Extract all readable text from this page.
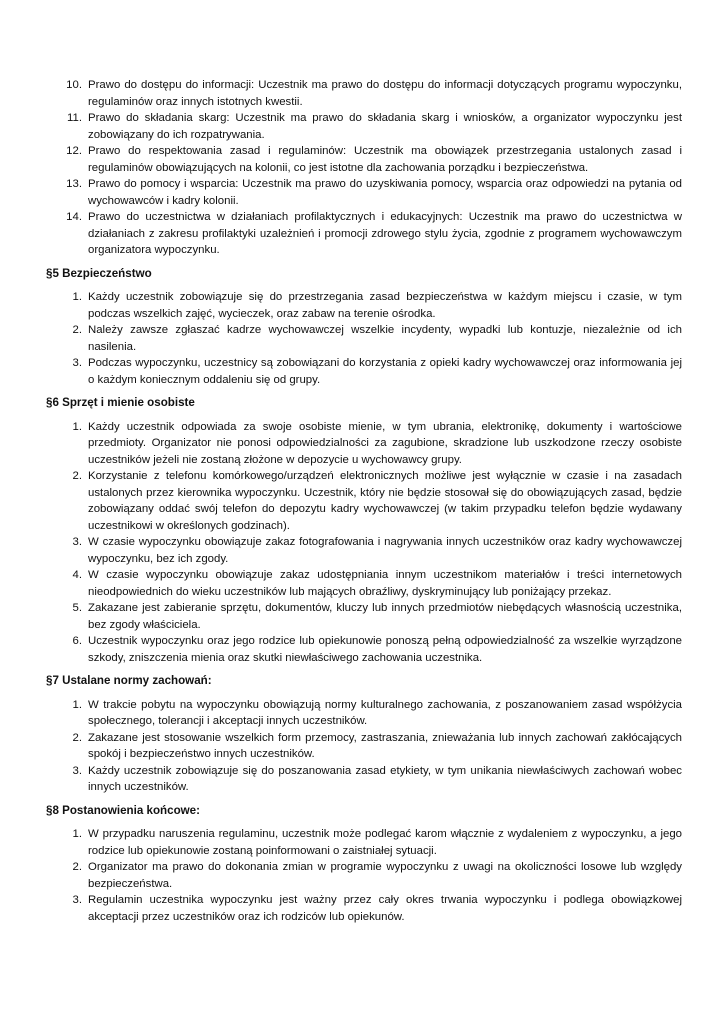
10. Prawo do dostępu do informacji: Uczestnik ma prawo do dostępu do informacji dotyczących programu wypoczynku, regulaminów oraz innych istotnych kwestii.
11. Prawo do składania skarg: Uczestnik ma prawo do składania skarg i wniosków, a organizator wypoczynku jest zobowiązany do ich rozpatrywania.
12. Prawo do respektowania zasad i regulaminów: Uczestnik ma obowiązek przestrzegania ustalonych zasad i regulaminów obowiązujących na kolonii, co jest istotne dla zachowania porządku i bezpieczeństwa.
13. Prawo do pomocy i wsparcia: Uczestnik ma prawo do uzyskiwania pomocy, wsparcia oraz odpowiedzi na pytania od wychowawców i kadry kolonii.
14. Prawo do uczestnictwa w działaniach profilaktycznych i edukacyjnych: Uczestnik ma prawo do uczestnictwa w działaniach z zakresu profilaktyki uzależnień i promocji zdrowego stylu życia, zgodnie z programem wychowawczym organizatora wypoczynku.
§5 Bezpieczeństwo
1. Każdy uczestnik zobowiązuje się do przestrzegania zasad bezpieczeństwa w każdym miejscu i czasie, w tym podczas wszelkich zajęć, wycieczek, oraz zabaw na terenie ośrodka.
2. Należy zawsze zgłaszać kadrze wychowawczej wszelkie incydenty, wypadki lub kontuzje, niezależnie od ich nasilenia.
3. Podczas wypoczynku, uczestnicy są zobowiązani do korzystania z opieki kadry wychowawczej oraz informowania jej o każdym koniecznym oddaleniu się od grupy.
§6 Sprzęt i mienie osobiste
1. Każdy uczestnik odpowiada za swoje osobiste mienie, w tym ubrania, elektronikę, dokumenty i wartościowe przedmioty. Organizator nie ponosi odpowiedzialności za zagubione, skradzione lub uszkodzone rzeczy osobiste uczestników jeżeli nie zostaną złożone w depozycie u wychowawcy grupy.
2. Korzystanie z telefonu komórkowego/urządzeń elektronicznych możliwe jest wyłącznie w czasie i na zasadach ustalonych przez kierownika wypoczynku. Uczestnik, który nie będzie stosował się do obowiązujących zasad, będzie zobowiązany oddać swój telefon do depozytu kadry wychowawczej (w takim przypadku telefon będzie wydawany uczestnikowi w określonych godzinach).
3. W czasie wypoczynku obowiązuje zakaz fotografowania i nagrywania innych uczestników oraz kadry wychowawczej wypoczynku, bez ich zgody.
4. W czasie wypoczynku obowiązuje zakaz udostępniania innym uczestnikom materiałów i treści internetowych nieodpowiednich do wieku uczestników lub mających obraźliwy, dyskryminujący lub poniżający przekaz.
5. Zakazane jest zabieranie sprzętu, dokumentów, kluczy lub innych przedmiotów niebędących własnością uczestnika, bez zgody właściciela.
6. Uczestnik wypoczynku oraz jego rodzice lub opiekunowie ponoszą pełną odpowiedzialność za wszelkie wyrządzone szkody, zniszczenia mienia oraz skutki niewłaściwego zachowania uczestnika.
§7 Ustalane normy zachowań:
1. W trakcie pobytu na wypoczynku obowiązują normy kulturalnego zachowania, z poszanowaniem zasad współżycia społecznego, tolerancji i akceptacji innych uczestników.
2. Zakazane jest stosowanie wszelkich form przemocy, zastraszania, znieważania lub innych zachowań zakłócających spokój i bezpieczeństwo innych uczestników.
3. Każdy uczestnik zobowiązuje się do poszanowania zasad etykiety, w tym unikania niewłaściwych zachowań wobec innych uczestników.
§8 Postanowienia końcowe:
1. W przypadku naruszenia regulaminu, uczestnik może podlegać karom włącznie z wydaleniem z wypoczynku, a jego rodzice lub opiekunowie zostaną poinformowani o zaistniałej sytuacji.
2. Organizator ma prawo do dokonania zmian w programie wypoczynku z uwagi na okoliczności losowe lub względy bezpieczeństwa.
3. Regulamin uczestnika wypoczynku jest ważny przez cały okres trwania wypoczynku i podlega obowiązkowej akceptacji przez uczestników oraz ich rodziców lub opiekunów.
